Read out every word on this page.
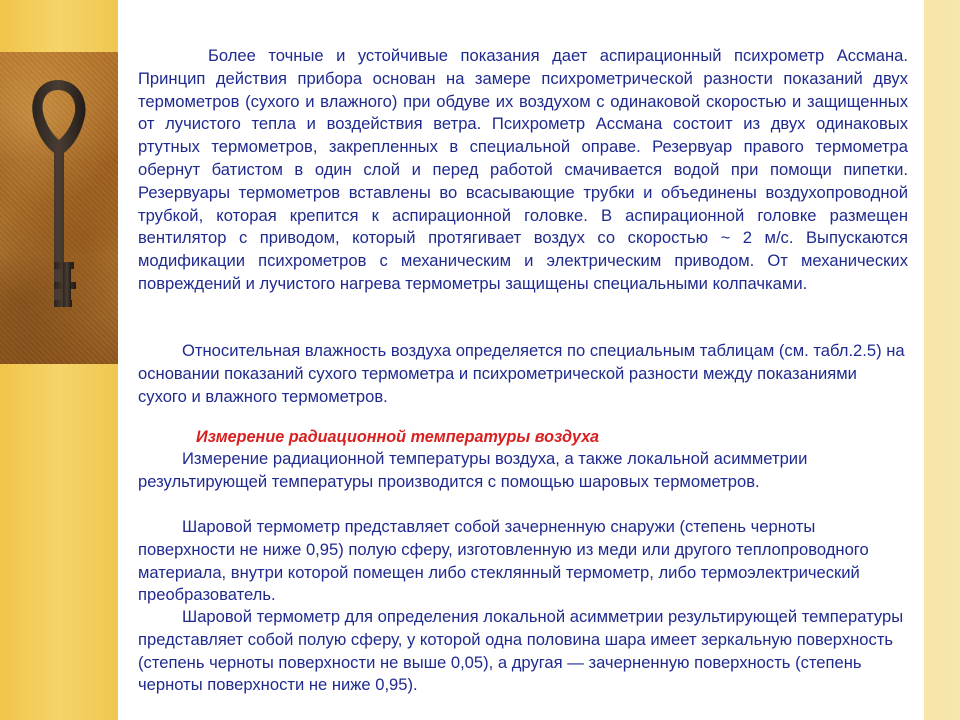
Более точные и устойчивые показания дает аспирационный психрометр Ассмана. Принцип действия прибора основан на замере психрометрической разности показаний двух термометров (сухого и влажного) при обдуве их воздухом с одинаковой скоростью и защищенных от лучистого тепла и воздействия ветра. Психрометр Ассмана состоит из двух одинаковых ртутных термометров, закрепленных в специальной оправе. Резервуар правого термометра обернут батистом в один слой и перед работой смачивается водой при помощи пипетки. Резервуары термометров вставлены во всасывающие трубки и объединены воздухопроводной трубкой, которая крепится к аспирационной головке. В аспирационной головке размещен вентилятор с приводом, который протягивает воздух со скоростью ~ 2 м/с. Выпускаются модификации психрометров с механическим и электрическим приводом. От механических повреждений и лучистого нагрева термометры защищены специальными колпачками.
Относительная влажность воздуха определяется по специальным таблицам (см. табл.2.5) на основании показаний сухого термометра и психрометрической разности между показаниями сухого и влажного термометров.
Измерение радиационной температуры воздуха
Измерение радиационной температуры воздуха, а также локальной асимметрии результирующей температуры производится с помощью шаровых термометров.
Шаровой термометр представляет собой зачерненную снаружи (степень черноты поверхности не ниже 0,95) полую сферу, изготовленную из меди или другого теплопроводного материала, внутри которой помещен либо стеклянный термометр, либо термоэлектрический преобразователь.
Шаровой термометр для определения локальной асимметрии результирующей температуры представляет собой полую сферу, у которой одна половина шара имеет зеркальную поверхность (степень черноты поверхности не выше 0,05), а другая — зачерненную поверхность (степень черноты поверхности не ниже 0,95).
